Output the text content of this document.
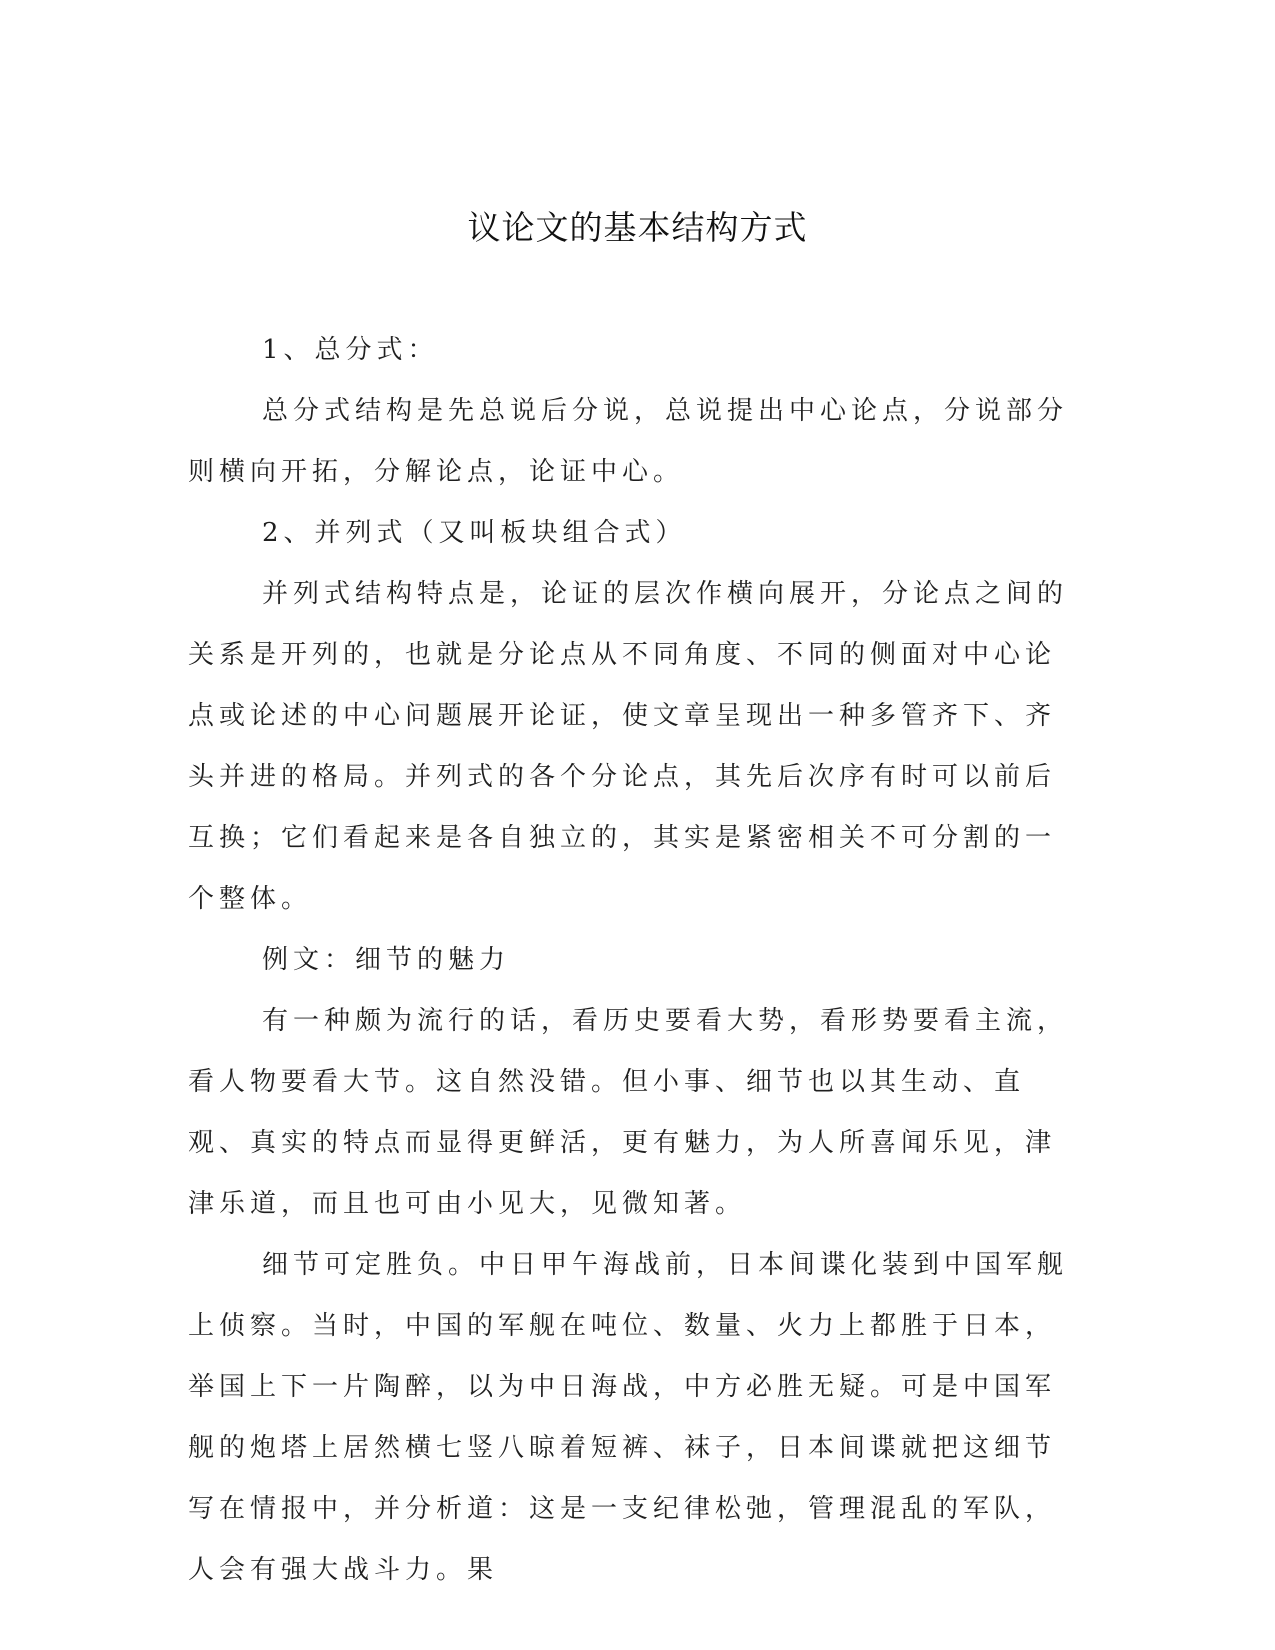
议论文的基本结构方式

1、总分式：

总分式结构是先总说后分说，总说提出中心论点，分说部分则横向开拓，分解论点，论证中心。

2、并列式（又叫板块组合式）

并列式结构特点是，论证的层次作横向展开，分论点之间的关系是开列的，也就是分论点从不同角度、不同的侧面对中心论点或论述的中心问题展开论证，使文章呈现出一种多管齐下、齐头并进的格局。并列式的各个分论点，其先后次序有时可以前后互换；它们看起来是各自独立的，其实是紧密相关不可分割的一个整体。

例文：细节的魅力

有一种颇为流行的话，看历史要看大势，看形势要看主流，看人物要看大节。这自然没错。但小事、细节也以其生动、直观、真实的特点而显得更鲜活，更有魅力，为人所喜闻乐见，津津乐道，而且也可由小见大，见微知著。

细节可定胜负。中日甲午海战前，日本间谍化装到中国军舰上侦察。当时，中国的军舰在吨位、数量、火力上都胜于日本，举国上下一片陶醉，以为中日海战，中方必胜无疑。可是中国军舰的炮塔上居然横七竖八晾着短裤、袜子，日本间谍就把这细节写在情报中，并分析道：这是一支纪律松弛，管理混乱的军队，人会有强大战斗力。果
